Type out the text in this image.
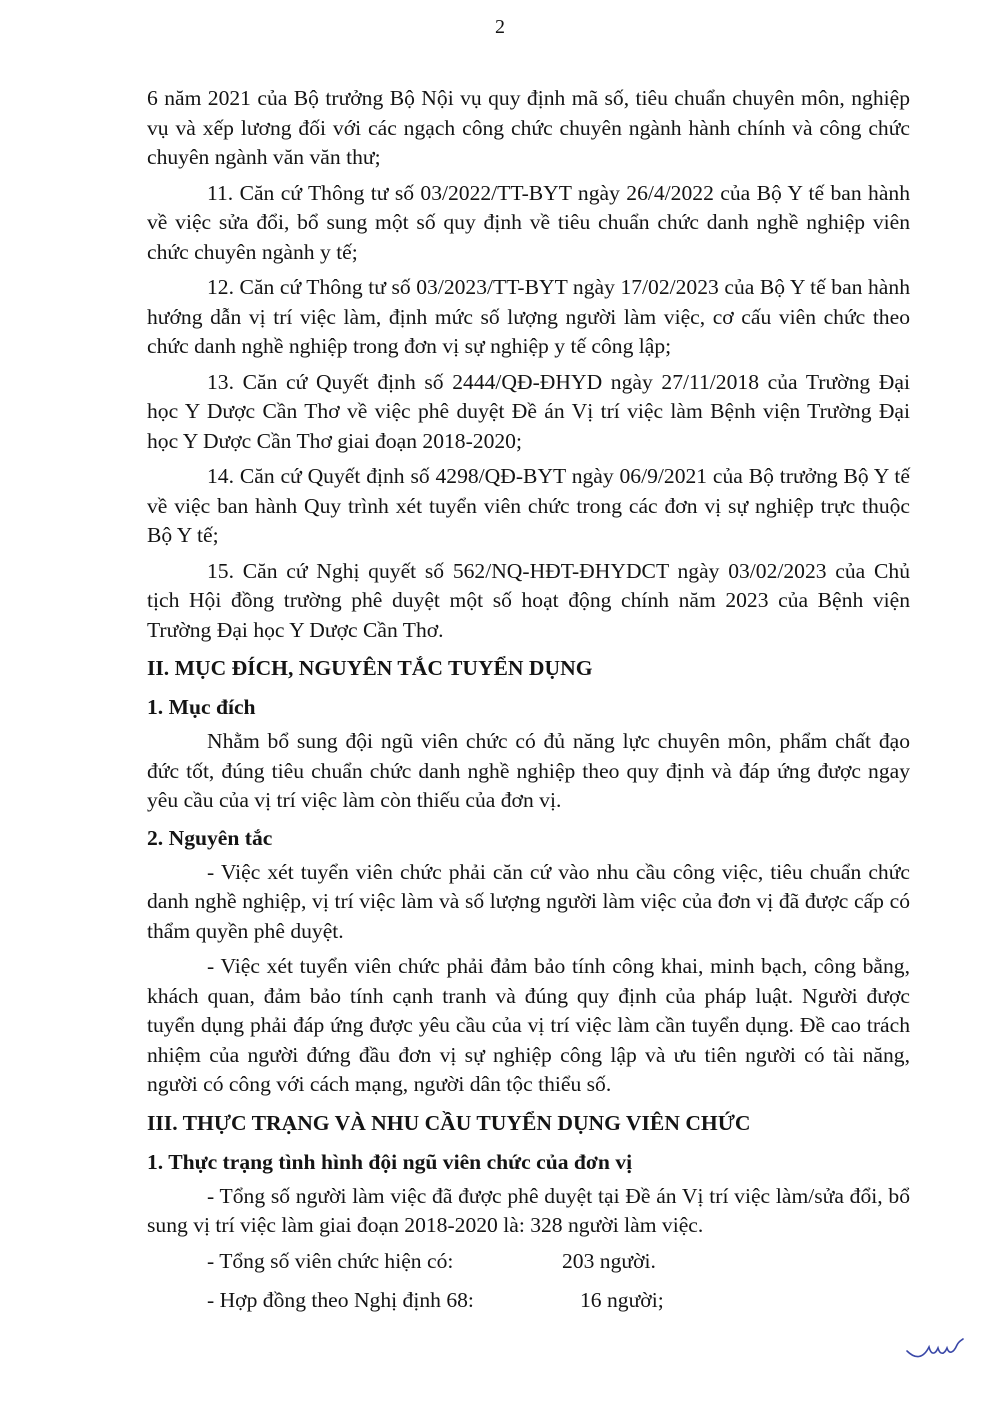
2

6 năm 2021 của Bộ trưởng Bộ Nội vụ quy định mã số, tiêu chuẩn chuyên môn, nghiệp vụ và xếp lương đối với các ngạch công chức chuyên ngành hành chính và công chức chuyên ngành văn văn thư;

11. Căn cứ Thông tư số 03/2022/TT-BYT ngày 26/4/2022 của Bộ Y tế ban hành về việc sửa đổi, bổ sung một số quy định về tiêu chuẩn chức danh nghề nghiệp viên chức chuyên ngành y tế;

12. Căn cứ Thông tư số 03/2023/TT-BYT ngày 17/02/2023 của Bộ Y tế ban hành hướng dẫn vị trí việc làm, định mức số lượng người làm việc, cơ cấu viên chức theo chức danh nghề nghiệp trong đơn vị sự nghiệp y tế công lập;

13. Căn cứ Quyết định số 2444/QĐ-ĐHYD ngày 27/11/2018 của Trường Đại học Y Dược Cần Thơ về việc phê duyệt Đề án Vị trí việc làm Bệnh viện Trường Đại học Y Dược Cần Thơ giai đoạn 2018-2020;

14. Căn cứ Quyết định số 4298/QĐ-BYT ngày 06/9/2021 của Bộ trưởng Bộ Y tế về việc ban hành Quy trình xét tuyển viên chức trong các đơn vị sự nghiệp trực thuộc Bộ Y tế;

15. Căn cứ Nghị quyết số 562/NQ-HĐT-ĐHYDCT ngày 03/02/2023 của Chủ tịch Hội đồng trường phê duyệt một số hoạt động chính năm 2023 của Bệnh viện Trường Đại học Y Dược Cần Thơ.

II. MỤC ĐÍCH, NGUYÊN TẮC TUYỂN DỤNG
1. Mục đích

Nhằm bổ sung đội ngũ viên chức có đủ năng lực chuyên môn, phẩm chất đạo đức tốt, đúng tiêu chuẩn chức danh nghề nghiệp theo quy định và đáp ứng được ngay yêu cầu của vị trí việc làm còn thiếu của đơn vị.

2. Nguyên tắc

- Việc xét tuyển viên chức phải căn cứ vào nhu cầu công việc, tiêu chuẩn chức danh nghề nghiệp, vị trí việc làm và số lượng người làm việc của đơn vị đã được cấp có thẩm quyền phê duyệt.

- Việc xét tuyển viên chức phải đảm bảo tính công khai, minh bạch, công bằng, khách quan, đảm bảo tính cạnh tranh và đúng quy định của pháp luật. Người được tuyển dụng phải đáp ứng được yêu cầu của vị trí việc làm cần tuyển dụng. Đề cao trách nhiệm của người đứng đầu đơn vị sự nghiệp công lập và ưu tiên người có tài năng, người có công với cách mạng, người dân tộc thiểu số.

III. THỰC TRẠNG VÀ NHU CẦU TUYỂN DỤNG VIÊN CHỨC
1. Thực trạng tình hình đội ngũ viên chức của đơn vị

- Tổng số người làm việc đã được phê duyệt tại Đề án Vị trí việc làm/sửa đổi, bổ sung vị trí việc làm giai đoạn 2018-2020 là: 328 người làm việc.

- Tổng số viên chức hiện có:	203 người.
- Hợp đồng theo Nghị định 68:	16 người;
